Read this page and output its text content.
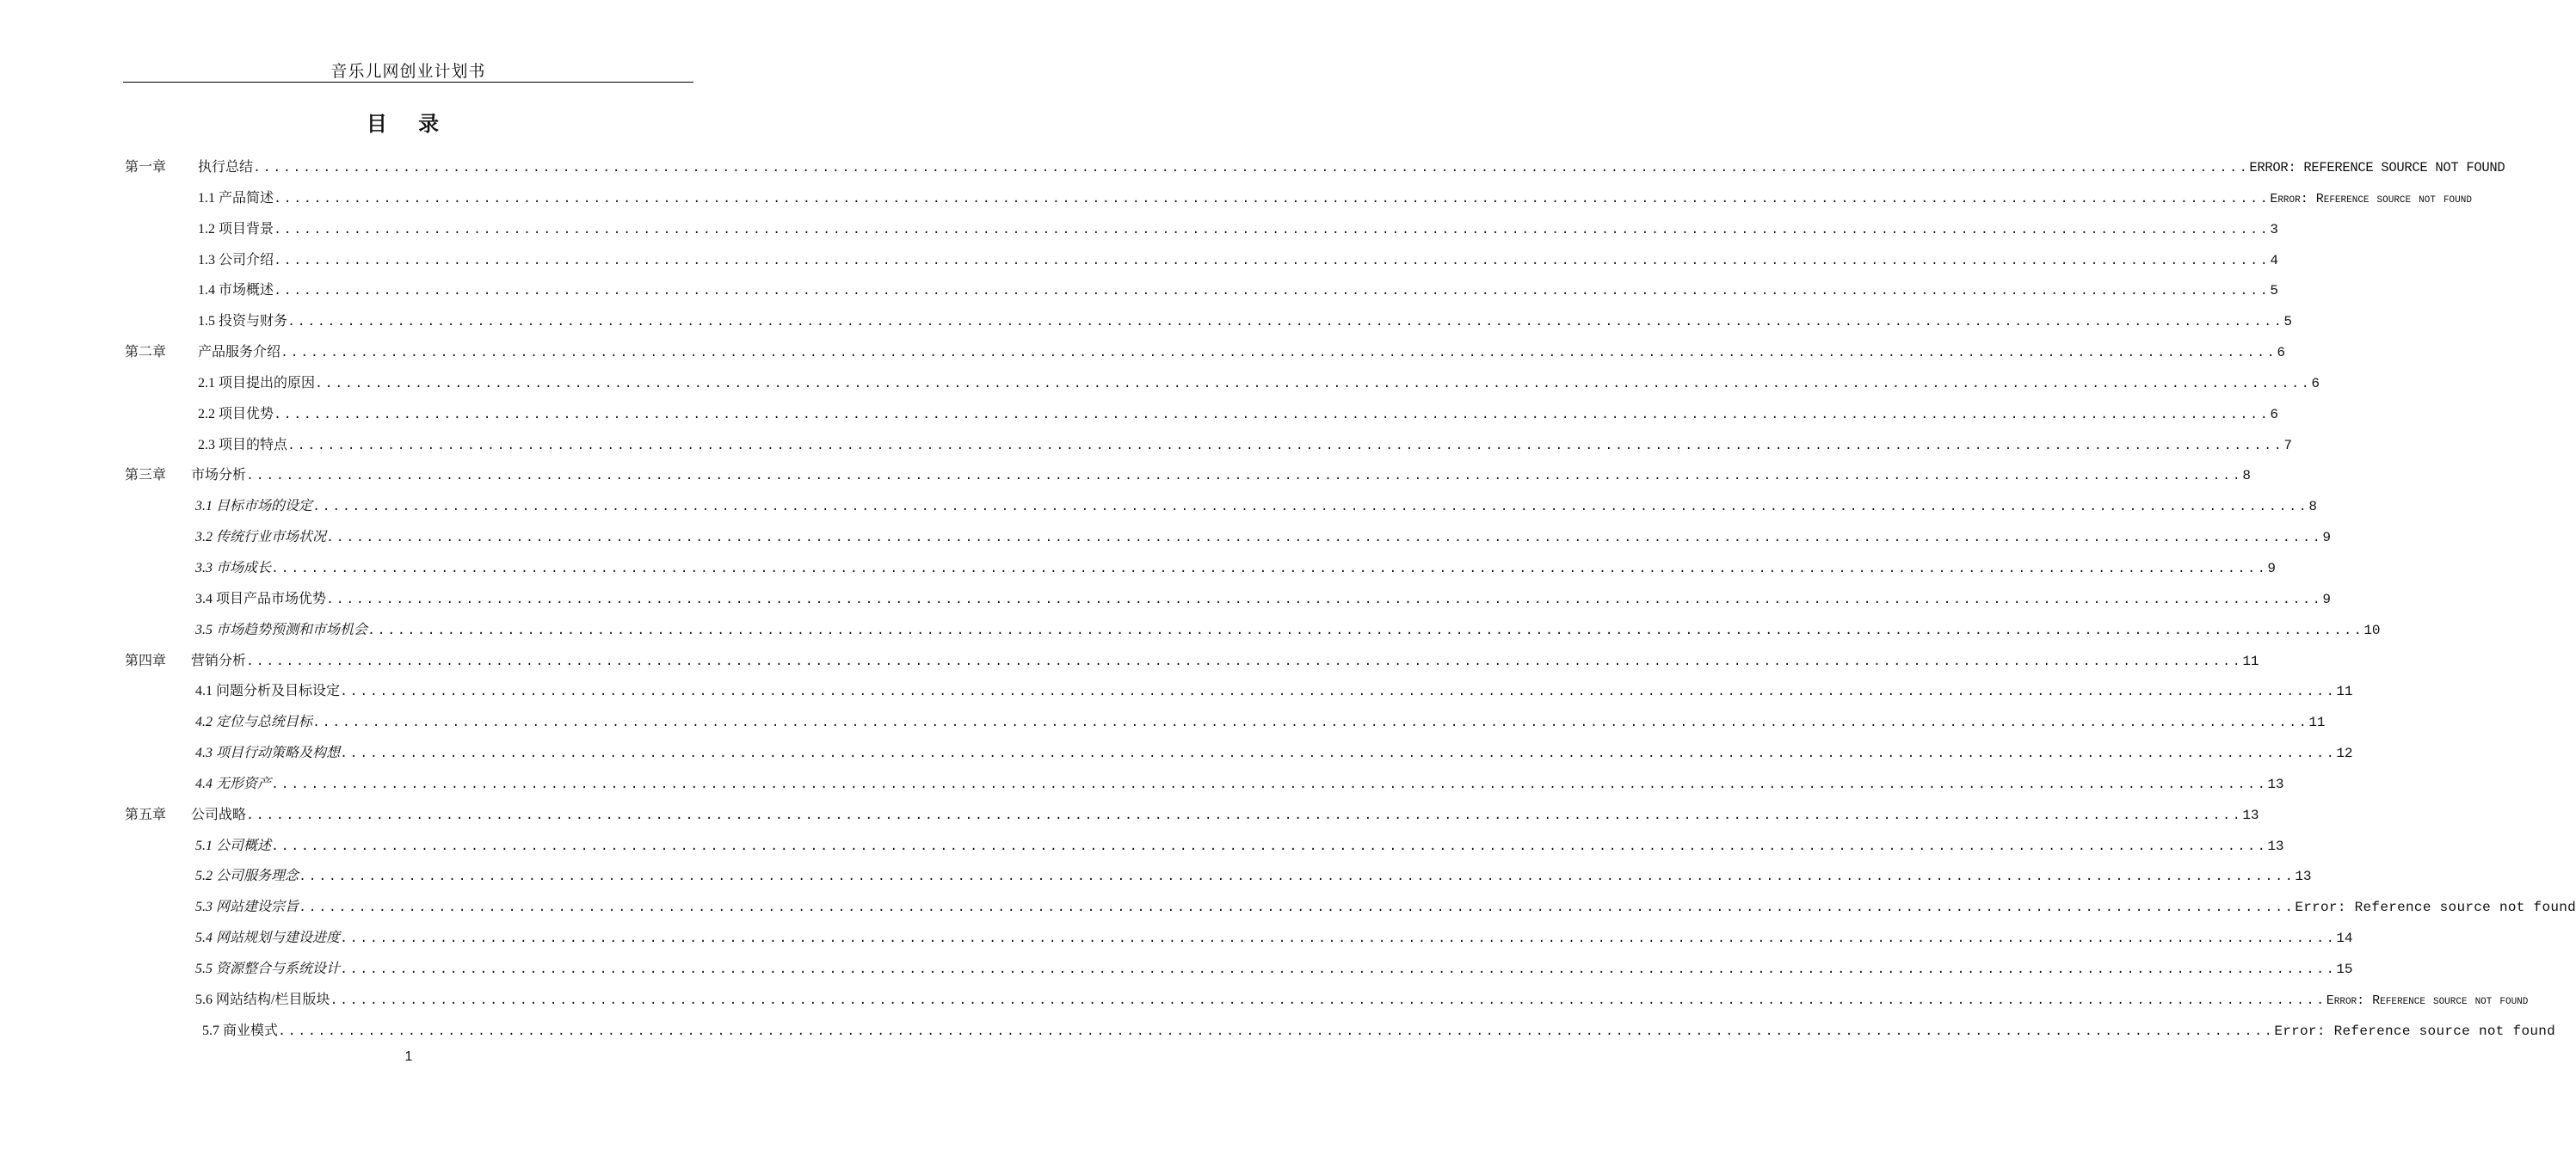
音乐儿网创业计划书
目 录
第一章	执行总结 ........................................................................................................................................................................................................ ERROR: REFERENCE SOURCE NOT FOUND
1.1 产品简述 ........................................................................................................................................................................................................ Error: Reference source not found
1.2 项目背景 ........................................................................................................................................................................................................ 3
1.3 公司介绍 ........................................................................................................................................................................................................ 4
1.4 市场概述 ........................................................................................................................................................................................................ 5
1.5 投资与财务 ........................................................................................................................................................................................................ 5
第二章	产品服务介绍 ........................................................................................................................................................................................................ 6
2.1 项目提出的原因 ........................................................................................................................................................................................................ 6
2.2 项目优势 ........................................................................................................................................................................................................ 6
2.3 项目的特点 ........................................................................................................................................................................................................ 7
第三章	市场分析 ........................................................................................................................................................................................................ 8
3.1 目标市场的设定 ........................................................................................................................................................................................................ 8
3.2 传统行业市场状况 ........................................................................................................................................................................................................ 9
3.3 市场成长 ........................................................................................................................................................................................................ 9
3.4 项目产品市场优势 ........................................................................................................................................................................................................ 9
3.5 市场趋势预测和市场机会 ........................................................................................................................................................................................................ 10
第四章	营销分析 ........................................................................................................................................................................................................ 11
4.1 问题分析及目标设定 ........................................................................................................................................................................................................ 11
4.2 定位与总统目标 ........................................................................................................................................................................................................ 11
4.3 项目行动策略及构想 ........................................................................................................................................................................................................ 12
4.4 无形资产 ........................................................................................................................................................................................................ 13
第五章	公司战略 ........................................................................................................................................................................................................ 13
5.1 公司概述 ........................................................................................................................................................................................................ 13
5.2 公司服务理念 ........................................................................................................................................................................................................ 13
5.3 网站建设宗旨 ........................................................................................................................................................................................................ Error: Reference source not found
5.4 网站规划与建设进度 ........................................................................................................................................................................................................ 14
5.5 资源整合与系统设计 ........................................................................................................................................................................................................ 15
5.6 网站结构/栏目版块 ........................................................................................................................................................................................................ Error: Reference source not found
5.7 商业模式 ........................................................................................................................................................................................................ Error: Reference source not found
1
